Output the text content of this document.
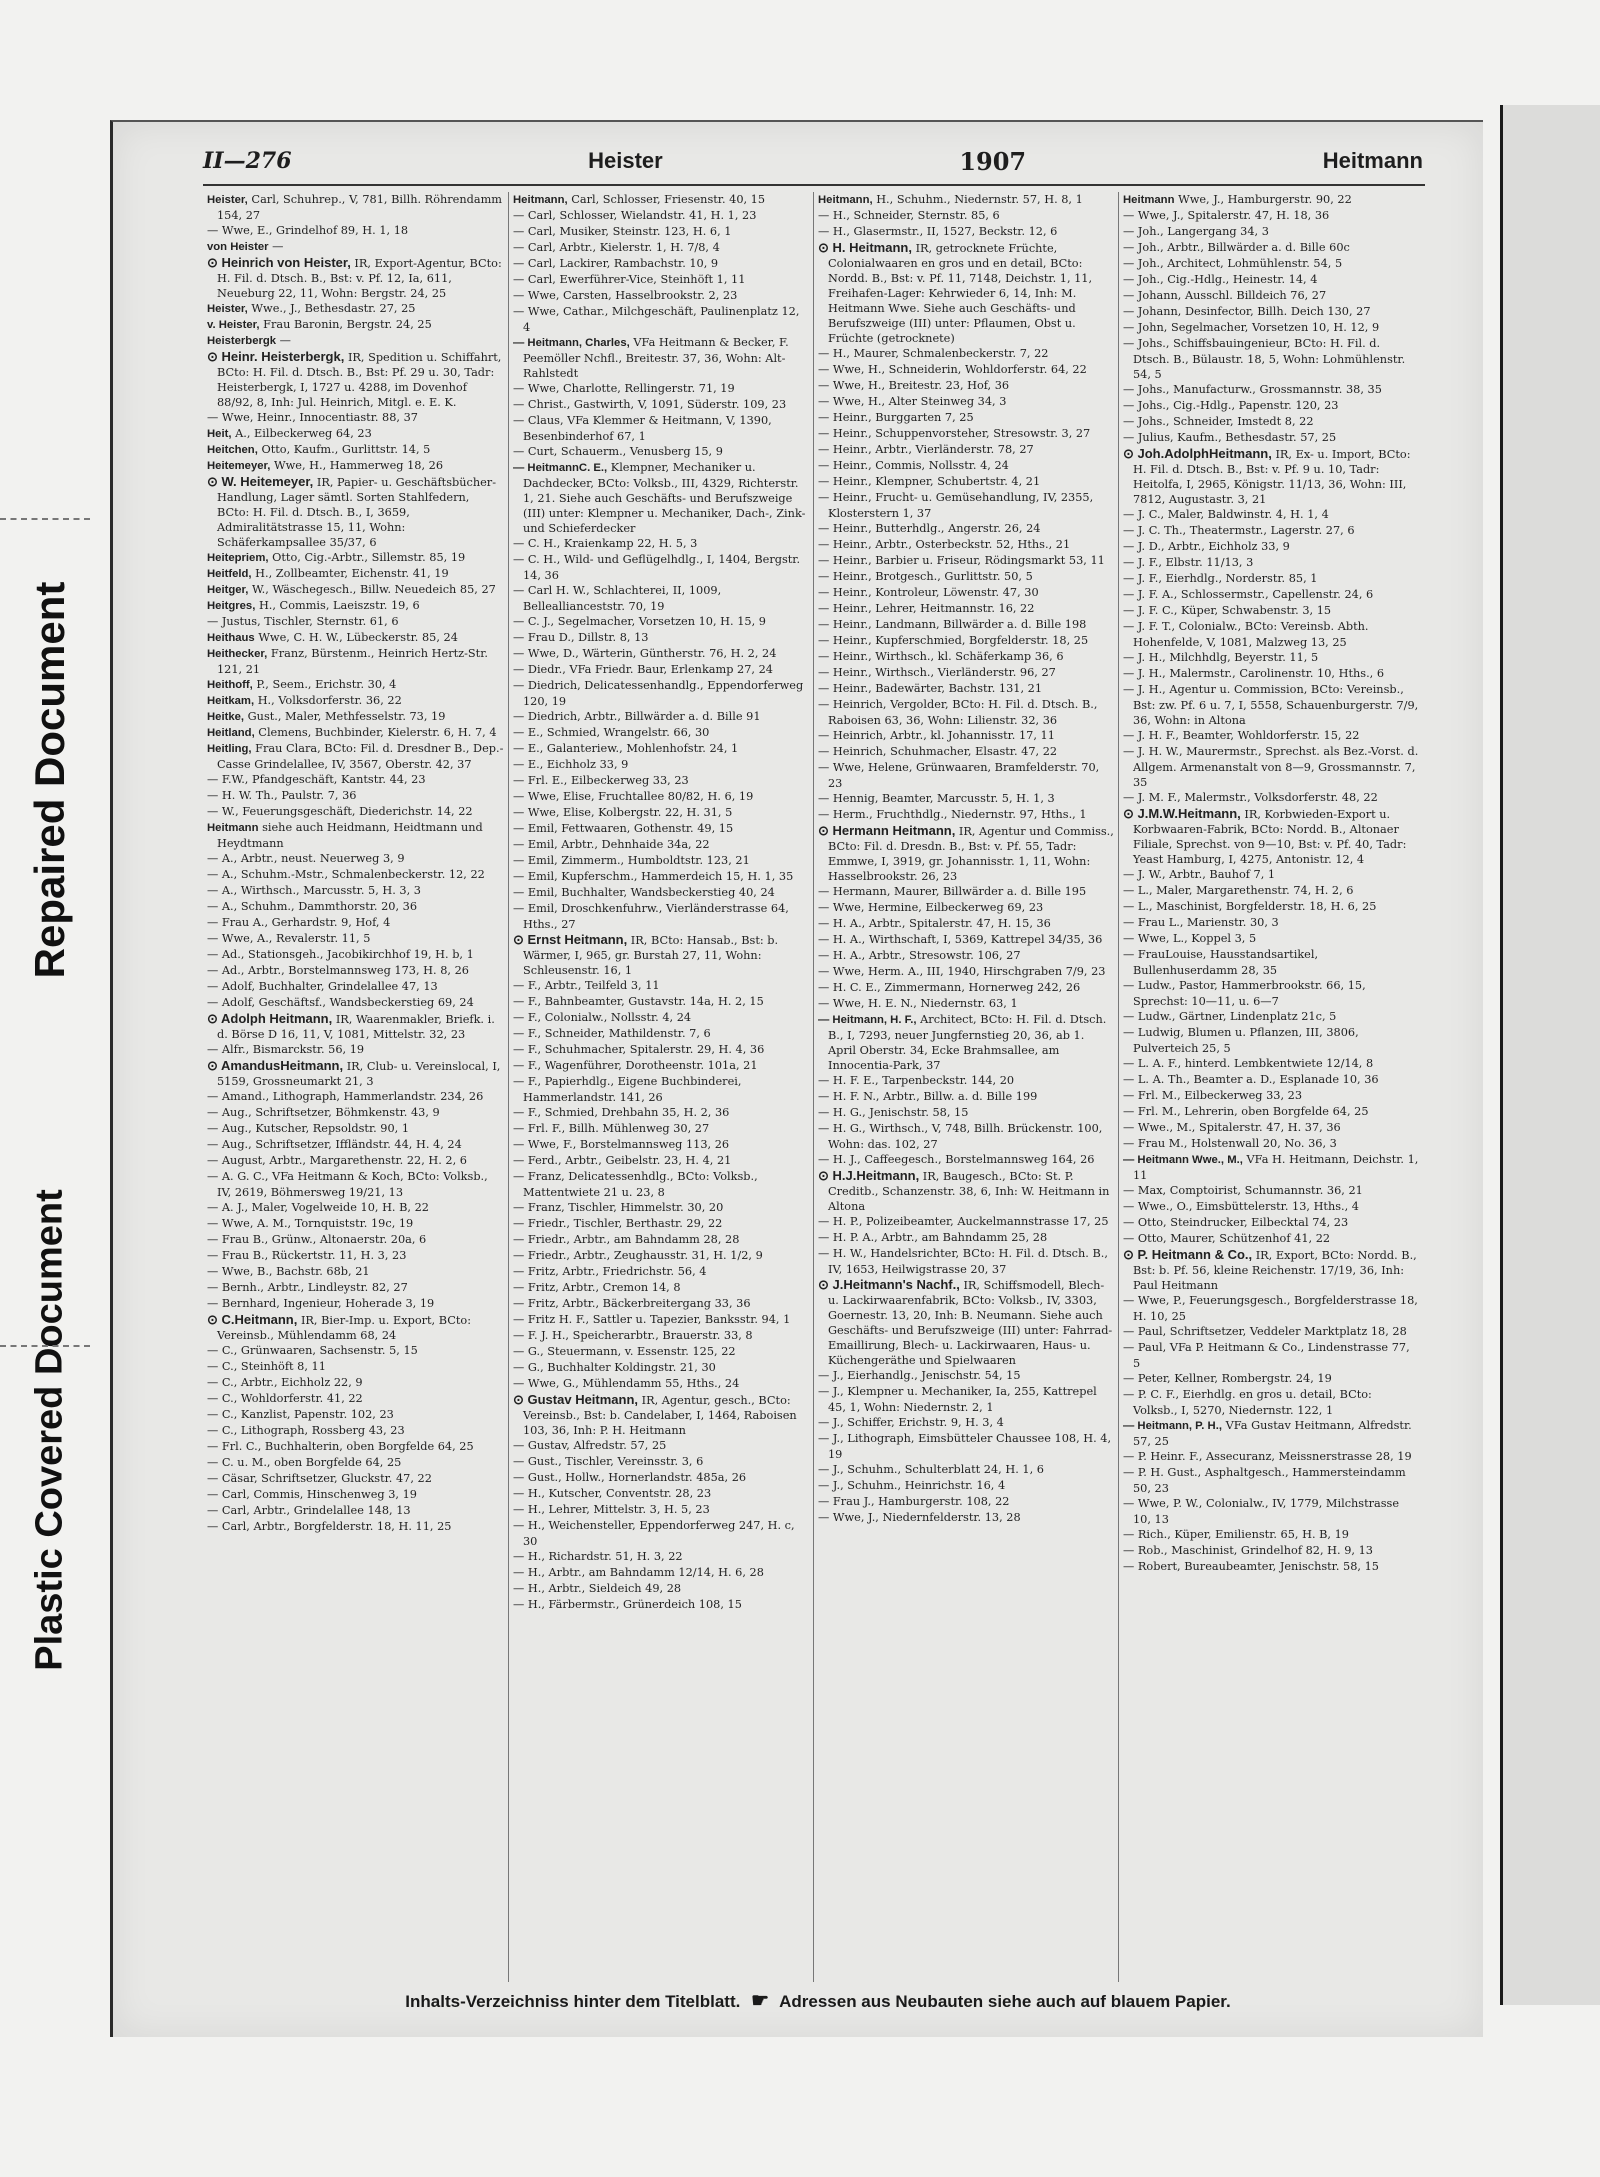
Repaired Document
Plastic Covered Document
II—276	Heister	1907	Heitmann

Heister, Carl, Schuhrep., V, 781, Billh. Röhrendamm 154, 27

— Wwe, E., Grindelhof 89, H. 1, 18

von Heister —

⊙ Heinrich von Heister, IR, Export-Agentur, BCto: H. Fil. d. Dtsch. B., Bst: v. Pf. 12, Ia, 611, Neueburg 22, 11, Wohn: Bergstr. 24, 25

Heister, Wwe., J., Bethesdastr. 27, 25

v. Heister, Frau Baronin, Bergstr. 24, 25

Heisterbergk —

⊙ Heinr. Heisterbergk, IR, Spedition u. Schiffahrt, BCto: H. Fil. d. Dtsch. B., Bst: Pf. 29 u. 30, Tadr: Heisterbergk, I, 1727 u. 4288, im Dovenhof 88/92, 8, Inh: Jul. Heinrich, Mitgl. e. E. K.

— Wwe, Heinr., Innocentiastr. 88, 37

Heit, A., Eilbeckerweg 64, 23

Heitchen, Otto, Kaufm., Gurlittstr. 14, 5

Heitemeyer, Wwe, H., Hammerweg 18, 26

⊙ W. Heitemeyer, IR, Papier- u. Geschäftsbücher-Handlung, Lager sämtl. Sorten Stahlfedern, BCto: H. Fil. d. Dtsch. B., I, 3659, Admiralitätstrasse 15, 11, Wohn: Schäferkampsallee 35/37, 6

Heitepriem, Otto, Cig.-Arbtr., Sillemstr. 85, 19

Heitfeld, H., Zollbeamter, Eichenstr. 41, 19

Heitger, W., Wäschegesch., Billw. Neuedeich 85, 27

Heitgres, H., Commis, Laeiszstr. 19, 6

— Justus, Tischler, Sternstr. 61, 6

Heithaus Wwe, C. H. W., Lübeckerstr. 85, 24

Heithecker, Franz, Bürstenm., Heinrich Hertz-Str. 121, 21

Heithoff, P., Seem., Erichstr. 30, 4

Heitkam, H., Volksdorferstr. 36, 22

Heitke, Gust., Maler, Methfesselstr. 73, 19

Heitland, Clemens, Buchbinder, Kielerstr. 6, H. 7, 4

Heitling, Frau Clara, BCto: Fil. d. Dresdner B., Dep.-Casse Grindelallee, IV, 3567, Oberstr. 42, 37

— F.W., Pfandgeschäft, Kantstr. 44, 23

— H. W. Th., Paulstr. 7, 36

— W., Feuerungsgeschäft, Diederichstr. 14, 22

Heitmann siehe auch Heidmann, Heidtmann und Heydtmann

— A., Arbtr., neust. Neuerweg 3, 9

— A., Schuhm.-Mstr., Schmalenbeckerstr. 12, 22

— A., Wirthsch., Marcusstr. 5, H. 3, 3

— A., Schuhm., Dammthorstr. 20, 36

— Frau A., Gerhardstr. 9, Hof, 4

— Wwe, A., Revalerstr. 11, 5

— Ad., Stationsgeh., Jacobikirchhof 19, H. b, 1

— Ad., Arbtr., Borstelmannsweg 173, H. 8, 26

— Adolf, Buchhalter, Grindelallee 47, 13

— Adolf, Geschäftsf., Wandsbeckerstieg 69, 24

⊙ Adolph Heitmann, IR, Waarenmakler, Briefk. i. d. Börse D 16, 11, V, 1081, Mittelstr. 32, 23

— Alfr., Bismarckstr. 56, 19

⊙ AmandusHeitmann, IR, Club- u. Vereinslocal, I, 5159, Grossneumarkt 21, 3

— Amand., Lithograph, Hammerlandstr. 234, 26

— Aug., Schriftsetzer, Böhmkenstr. 43, 9

— Aug., Kutscher, Repsoldstr. 90, 1

— Aug., Schriftsetzer, Iffländstr. 44, H. 4, 24

— August, Arbtr., Margarethenstr. 22, H. 2, 6

— A. G. C., VFa Heitmann & Koch, BCto: Volksb., IV, 2619, Böhmersweg 19/21, 13

— A. J., Maler, Vogelweide 10, H. B, 22

— Wwe, A. M., Tornquiststr. 19c, 19

— Frau B., Grünw., Altonaerstr. 20a, 6

— Frau B., Rückertstr. 11, H. 3, 23

— Wwe, B., Bachstr. 68b, 21

— Bernh., Arbtr., Lindleystr. 82, 27

— Bernhard, Ingenieur, Hoherade 3, 19

⊙ C.Heitmann, IR, Bier-Imp. u. Export, BCto: Vereinsb., Mühlendamm 68, 24

— C., Grünwaaren, Sachsenstr. 5, 15

— C., Steinhöft 8, 11

— C., Arbtr., Eichholz 22, 9

— C., Wohldorferstr. 41, 22

— C., Kanzlist, Papenstr. 102, 23

— C., Lithograph, Rossberg 43, 23

— Frl. C., Buchhalterin, oben Borgfelde 64, 25

— C. u. M., oben Borgfelde 64, 25

— Cäsar, Schriftsetzer, Gluckstr. 47, 22

— Carl, Commis, Hinschenweg 3, 19

— Carl, Arbtr., Grindelallee 148, 13

— Carl, Arbtr., Borgfelderstr. 18, H. 11, 25

Heitmann, Carl, Schlosser, Friesenstr. 40, 15

— Carl, Schlosser, Wielandstr. 41, H. 1, 23

— Carl, Musiker, Steinstr. 123, H. 6, 1

— Carl, Arbtr., Kielerstr. 1, H. 7/8, 4

— Carl, Lackirer, Rambachstr. 10, 9

— Carl, Ewerführer-Vice, Steinhöft 1, 11

— Wwe, Carsten, Hasselbrookstr. 2, 23

— Wwe, Cathar., Milchgeschäft, Paulinenplatz 12, 4

— Heitmann, Charles, VFa Heitmann & Becker, F. Peemöller Nchfl., Breitestr. 37, 36, Wohn: Alt-Rahlstedt

— Wwe, Charlotte, Rellingerstr. 71, 19

— Christ., Gastwirth, V, 1091, Süderstr. 109, 23

— Claus, VFa Klemmer & Heitmann, V, 1390, Besenbinderhof 67, 1

— Curt, Schauerm., Venusberg 15, 9

— HeitmannC. E., Klempner, Mechaniker u. Dachdecker, BCto: Volksb., III, 4329, Richterstr. 1, 21. Siehe auch Geschäfts- und Berufszweige (III) unter: Klempner u. Mechaniker, Dach-, Zink- und Schieferdecker

— C. H., Kraienkamp 22, H. 5, 3

— C. H., Wild- und Geflügelhdlg., I, 1404, Bergstr. 14, 36

— Carl H. W., Schlachterei, II, 1009, Belleallianceststr. 70, 19

— C. J., Segelmacher, Vorsetzen 10, H. 15, 9

— Frau D., Dillstr. 8, 13

— Wwe, D., Wärterin, Güntherstr. 76, H. 2, 24

— Diedr., VFa Friedr. Baur, Erlenkamp 27, 24

— Diedrich, Delicatessenhandlg., Eppendorferweg 120, 19

— Diedrich, Arbtr., Billwärder a. d. Bille 91

— E., Schmied, Wrangelstr. 66, 30

— E., Galanteriew., Mohlenhofstr. 24, 1

— E., Eichholz 33, 9

— Frl. E., Eilbeckerweg 33, 23

— Wwe, Elise, Fruchtallee 80/82, H. 6, 19

— Wwe, Elise, Kolbergstr. 22, H. 31, 5

— Emil, Fettwaaren, Gothenstr. 49, 15

— Emil, Arbtr., Dehnhaide 34a, 22

— Emil, Zimmerm., Humboldtstr. 123, 21

— Emil, Kupferschm., Hammerdeich 15, H. 1, 35

— Emil, Buchhalter, Wandsbeckerstieg 40, 24

— Emil, Droschkenfuhrw., Vierländerstrasse 64, Hths., 27

⊙ Ernst Heitmann, IR, BCto: Hansab., Bst: b. Wärmer, I, 965, gr. Burstah 27, 11, Wohn: Schleusenstr. 16, 1

— F., Arbtr., Teilfeld 3, 11

— F., Bahnbeamter, Gustavstr. 14a, H. 2, 15

— F., Colonialw., Nollsstr. 4, 24

— F., Schneider, Mathildenstr. 7, 6

— F., Schuhmacher, Spitalerstr. 29, H. 4, 36

— F., Wagenführer, Dorotheenstr. 101a, 21

— F., Papierhdlg., Eigene Buchbinderei, Hammerlandstr. 141, 26

— F., Schmied, Drehbahn 35, H. 2, 36

— Frl. F., Billh. Mühlenweg 30, 27

— Wwe, F., Borstelmannsweg 113, 26

— Ferd., Arbtr., Geibelstr. 23, H. 4, 21

— Franz, Delicatessenhdlg., BCto: Volksb., Mattentwiete 21 u. 23, 8

— Franz, Tischler, Himmelstr. 30, 20

— Friedr., Tischler, Berthastr. 29, 22

— Friedr., Arbtr., am Bahndamm 28, 28

— Friedr., Arbtr., Zeughausstr. 31, H. 1/2, 9

— Fritz, Arbtr., Friedrichstr. 56, 4

— Fritz, Arbtr., Cremon 14, 8

— Fritz, Arbtr., Bäckerbreitergang 33, 36

— Fritz H. F., Sattler u. Tapezier, Banksstr. 94, 1

— F. J. H., Speicherarbtr., Brauerstr. 33, 8

— G., Steuermann, v. Essenstr. 125, 22

— G., Buchhalter Koldingstr. 21, 30

— Wwe, G., Mühlendamm 55, Hths., 24

⊙ Gustav Heitmann, IR, Agentur, gesch., BCto: Vereinsb., Bst: b. Candelaber, I, 1464, Raboisen 103, 36, Inh: P. H. Heitmann

— Gustav, Alfredstr. 57, 25

— Gust., Tischler, Vereinsstr. 3, 6

— Gust., Hollw., Hornerlandstr. 485a, 26

— H., Kutscher, Conventstr. 28, 23

— H., Lehrer, Mittelstr. 3, H. 5, 23

— H., Weichensteller, Eppendorferweg 247, H. c, 30

— H., Richardstr. 51, H. 3, 22

— H., Arbtr., am Bahndamm 12/14, H. 6, 28

— H., Arbtr., Sieldeich 49, 28

— H., Färbermstr., Grünerdeich 108, 15

Heitmann, H., Schuhm., Niedernstr. 57, H. 8, 1

— H., Schneider, Sternstr. 85, 6

— H., Glasermstr., II, 1527, Beckstr. 12, 6

⊙ H. Heitmann, IR, getrocknete Früchte, Colonialwaaren en gros und en detail, BCto: Nordd. B., Bst: v. Pf. 11, 7148, Deichstr. 1, 11, Freihafen-Lager: Kehrwieder 6, 14, Inh: M. Heitmann Wwe. Siehe auch Geschäfts- und Berufszweige (III) unter: Pflaumen, Obst u. Früchte (getrocknete)

— H., Maurer, Schmalenbeckerstr. 7, 22

— Wwe, H., Schneiderin, Wohldorferstr. 64, 22

— Wwe, H., Breitestr. 23, Hof, 36

— Wwe, H., Alter Steinweg 34, 3

— Heinr., Burggarten 7, 25

— Heinr., Schuppenvorsteher, Stresowstr. 3, 27

— Heinr., Arbtr., Vierländerstr. 78, 27

— Heinr., Commis, Nollsstr. 4, 24

— Heinr., Klempner, Schubertstr. 4, 21

— Heinr., Frucht- u. Gemüsehandlung, IV, 2355, Klosterstern 1, 37

— Heinr., Butterhdlg., Angerstr. 26, 24

— Heinr., Arbtr., Osterbeckstr. 52, Hths., 21

— Heinr., Barbier u. Friseur, Rödingsmarkt 53, 11

— Heinr., Brotgesch., Gurlittstr. 50, 5

— Heinr., Kontroleur, Löwenstr. 47, 30

— Heinr., Lehrer, Heitmannstr. 16, 22

— Heinr., Landmann, Billwärder a. d. Bille 198

— Heinr., Kupferschmied, Borgfelderstr. 18, 25

— Heinr., Wirthsch., kl. Schäferkamp 36, 6

— Heinr., Wirthsch., Vierländerstr. 96, 27

— Heinr., Badewärter, Bachstr. 131, 21

— Heinrich, Vergolder, BCto: H. Fil. d. Dtsch. B., Raboisen 63, 36, Wohn: Lilienstr. 32, 36

— Heinrich, Arbtr., kl. Johannisstr. 17, 11

— Heinrich, Schuhmacher, Elsastr. 47, 22

— Wwe, Helene, Grünwaaren, Bramfelderstr. 70, 23

— Hennig, Beamter, Marcusstr. 5, H. 1, 3

— Herm., Fruchthdlg., Niedernstr. 97, Hths., 1

⊙ Hermann Heitmann, IR, Agentur und Commiss., BCto: Fil. d. Dresdn. B., Bst: v. Pf. 55, Tadr: Emmwe, I, 3919, gr. Johannisstr. 1, 11, Wohn: Hasselbrookstr. 26, 23

— Hermann, Maurer, Billwärder a. d. Bille 195

— Wwe, Hermine, Eilbeckerweg 69, 23

— H. A., Arbtr., Spitalerstr. 47, H. 15, 36

— H. A., Wirthschaft, I, 5369, Kattrepel 34/35, 36

— H. A., Arbtr., Stresowstr. 106, 27

— Wwe, Herm. A., III, 1940, Hirschgraben 7/9, 23

— H. C. E., Zimmermann, Hornerweg 242, 26

— Wwe, H. E. N., Niedernstr. 63, 1

— Heitmann, H. F., Architect, BCto: H. Fil. d. Dtsch. B., I, 7293, neuer Jungfernstieg 20, 36, ab 1. April Oberstr. 34, Ecke Brahmsallee, am Innocentia-Park, 37

— H. F. E., Tarpenbeckstr. 144, 20

— H. F. N., Arbtr., Billw. a. d. Bille 199

— H. G., Jenischstr. 58, 15

— H. G., Wirthsch., V, 748, Billh. Brückenstr. 100, Wohn: das. 102, 27

— H. J., Caffeegesch., Borstelmannsweg 164, 26

⊙ H.J.Heitmann, IR, Baugesch., BCto: St. P. Creditb., Schanzenstr. 38, 6, Inh: W. Heitmann in Altona

— H. P., Polizeibeamter, Auckelmannstrasse 17, 25

— H. P. A., Arbtr., am Bahndamm 25, 28

— H. W., Handelsrichter, BCto: H. Fil. d. Dtsch. B., IV, 1653, Heilwigstrasse 20, 37

⊙ J.Heitmann's Nachf., IR, Schiffsmodell, Blech- u. Lackirwaarenfabrik, BCto: Volksb., IV, 3303, Goernestr. 13, 20, Inh: B. Neumann. Siehe auch Geschäfts- und Berufszweige (III) unter: Fahrrad-Emaillirung, Blech- u. Lackirwaaren, Haus- u. Küchengeräthe und Spielwaaren

— J., Eierhandlg., Jenischstr. 54, 15

— J., Klempner u. Mechaniker, Ia, 255, Kattrepel 45, 1, Wohn: Niedernstr. 2, 1

— J., Schiffer, Erichstr. 9, H. 3, 4

— J., Lithograph, Eimsbütteler Chaussee 108, H. 4, 19

— J., Schuhm., Schulterblatt 24, H. 1, 6

— J., Schuhm., Heinrichstr. 16, 4

— Frau J., Hamburgerstr. 108, 22

— Wwe, J., Niedernfelderstr. 13, 28

Heitmann Wwe, J., Hamburgerstr. 90, 22

— Wwe, J., Spitalerstr. 47, H. 18, 36

— Joh., Langergang 34, 3

— Joh., Arbtr., Billwärder a. d. Bille 60c

— Joh., Architect, Lohmühlenstr. 54, 5

— Joh., Cig.-Hdlg., Heinestr. 14, 4

— Johann, Ausschl. Billdeich 76, 27

— Johann, Desinfector, Billh. Deich 130, 27

— John, Segelmacher, Vorsetzen 10, H. 12, 9

— Johs., Schiffsbauingenieur, BCto: H. Fil. d. Dtsch. B., Bülaustr. 18, 5, Wohn: Lohmühlenstr. 54, 5

— Johs., Manufacturw., Grossmannstr. 38, 35

— Johs., Cig.-Hdlg., Papenstr. 120, 23

— Johs., Schneider, Imstedt 8, 22

— Julius, Kaufm., Bethesdastr. 57, 25

⊙ Joh.AdolphHeitmann, IR, Ex- u. Import, BCto: H. Fil. d. Dtsch. B., Bst: v. Pf. 9 u. 10, Tadr: Heitolfa, I, 2965, Königstr. 11/13, 36, Wohn: III, 7812, Augustastr. 3, 21

— J. C., Maler, Baldwinstr. 4, H. 1, 4

— J. C. Th., Theatermstr., Lagerstr. 27, 6

— J. D., Arbtr., Eichholz 33, 9

— J. F., Elbstr. 11/13, 3

— J. F., Eierhdlg., Norderstr. 85, 1

— J. F. A., Schlossermstr., Capellenstr. 24, 6

— J. F. C., Küper, Schwabenstr. 3, 15

— J. F. T., Colonialw., BCto: Vereinsb. Abth. Hohenfelde, V, 1081, Malzweg 13, 25

— J. H., Milchhdlg, Beyerstr. 11, 5

— J. H., Malermstr., Carolinenstr. 10, Hths., 6

— J. H., Agentur u. Commission, BCto: Vereinsb., Bst: zw. Pf. 6 u. 7, I, 5558, Schauenburgerstr. 7/9, 36, Wohn: in Altona

— J. H. F., Beamter, Wohldorferstr. 15, 22

— J. H. W., Maurermstr., Sprechst. als Bez.-Vorst. d. Allgem. Armenanstalt von 8—9, Grossmannstr. 7, 35

— J. M. F., Malermstr., Volksdorferstr. 48, 22

⊙ J.M.W.Heitmann, IR, Korbwieden-Export u. Korbwaaren-Fabrik, BCto: Nordd. B., Altonaer Filiale, Sprechst. von 9—10, Bst: v. Pf. 40, Tadr: Yeast Hamburg, I, 4275, Antonistr. 12, 4

— J. W., Arbtr., Bauhof 7, 1

— L., Maler, Margarethenstr. 74, H. 2, 6

— L., Maschinist, Borgfelderstr. 18, H. 6, 25

— Frau L., Marienstr. 30, 3

— Wwe, L., Koppel 3, 5

— FrauLouise, Hausstandsartikel, Bullenhuserdamm 28, 35

— Ludw., Pastor, Hammerbrookstr. 66, 15, Sprechst: 10—11, u. 6—7

— Ludw., Gärtner, Lindenplatz 21c, 5

— Ludwig, Blumen u. Pflanzen, III, 3806, Pulverteich 25, 5

— L. A. F., hinterd. Lembkentwiete 12/14, 8

— L. A. Th., Beamter a. D., Esplanade 10, 36

— Frl. M., Eilbeckerweg 33, 23

— Frl. M., Lehrerin, oben Borgfelde 64, 25

— Wwe., M., Spitalerstr. 47, H. 37, 36

— Frau M., Holstenwall 20, No. 36, 3

— Heitmann Wwe., M., VFa H. Heitmann, Deichstr. 1, 11

— Max, Comptoirist, Schumannstr. 36, 21

— Wwe., O., Eimsbüttelerstr. 13, Hths., 4

— Otto, Steindrucker, Eilbecktal 74, 23

— Otto, Maurer, Schützenhof 41, 22

⊙ P. Heitmann & Co., IR, Export, BCto: Nordd. B., Bst: b. Pf. 56, kleine Reichenstr. 17/19, 36, Inh: Paul Heitmann

— Wwe, P., Feuerungsgesch., Borgfelderstrasse 18, H. 10, 25

— Paul, Schriftsetzer, Veddeler Marktplatz 18, 28

— Paul, VFa P. Heitmann & Co., Lindenstrasse 77, 5

— Peter, Kellner, Rombergstr. 24, 19

— P. C. F., Eierhdlg. en gros u. detail, BCto: Volksb., I, 5270, Niedernstr. 122, 1

— Heitmann, P. H., VFa Gustav Heitmann, Alfredstr. 57, 25

— P. Heinr. F., Assecuranz, Meissnerstrasse 28, 19

— P. H. Gust., Asphaltgesch., Hammersteindamm 50, 23

— Wwe, P. W., Colonialw., IV, 1779, Milchstrasse 10, 13

— Rich., Küper, Emilienstr. 65, H. B, 19

— Rob., Maschinist, Grindelhof 82, H. 9, 13

— Robert, Bureaubeamter, Jenischstr. 58, 15

Inhalts-Verzeichniss hinter dem Titelblatt. ☛ Adressen aus Neubauten siehe auch auf blauem Papier.
